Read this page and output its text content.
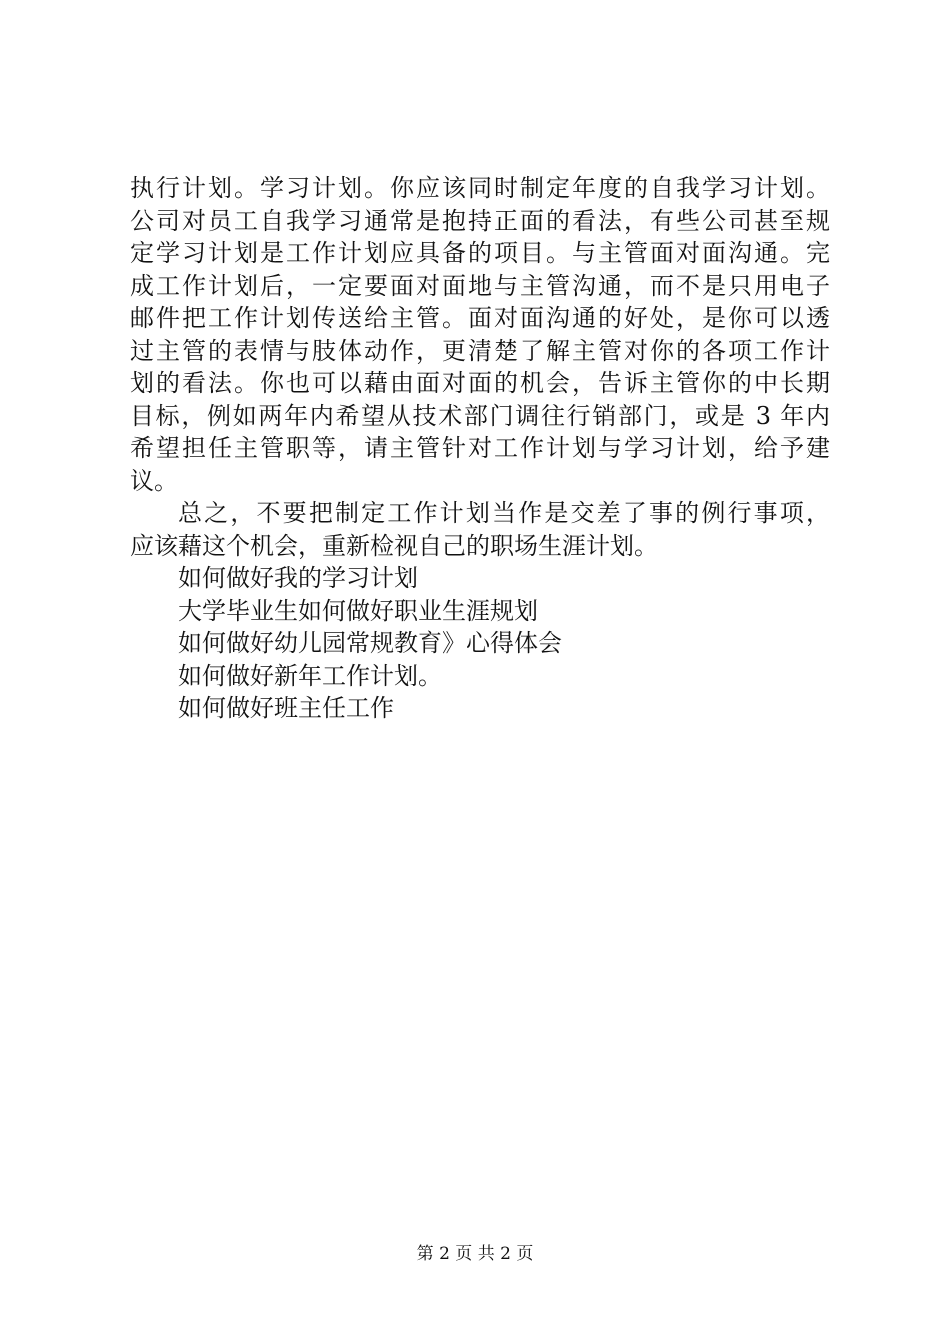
执行计划。学习计划。你应该同时制定年度的自我学习计划。
公司对员工自我学习通常是抱持正面的看法，有些公司甚至规
定学习计划是工作计划应具备的项目。与主管面对面沟通。完
成工作计划后，一定要面对面地与主管沟通，而不是只用电子
邮件把工作计划传送给主管。面对面沟通的好处，是你可以透
过主管的表情与肢体动作，更清楚了解主管对你的各项工作计
划的看法。你也可以藉由面对面的机会，告诉主管你的中长期
目标，例如两年内希望从技术部门调往行销部门，或是 3 年内
希望担任主管职等，请主管针对工作计划与学习计划，给予建
议。
总之，不要把制定工作计划当作是交差了事的例行事项，
应该藉这个机会，重新检视自己的职场生涯计划。
如何做好我的学习计划
大学毕业生如何做好职业生涯规划
如何做好幼儿园常规教育》心得体会
如何做好新年工作计划。
如何做好班主任工作
第 2 页 共 2 页
